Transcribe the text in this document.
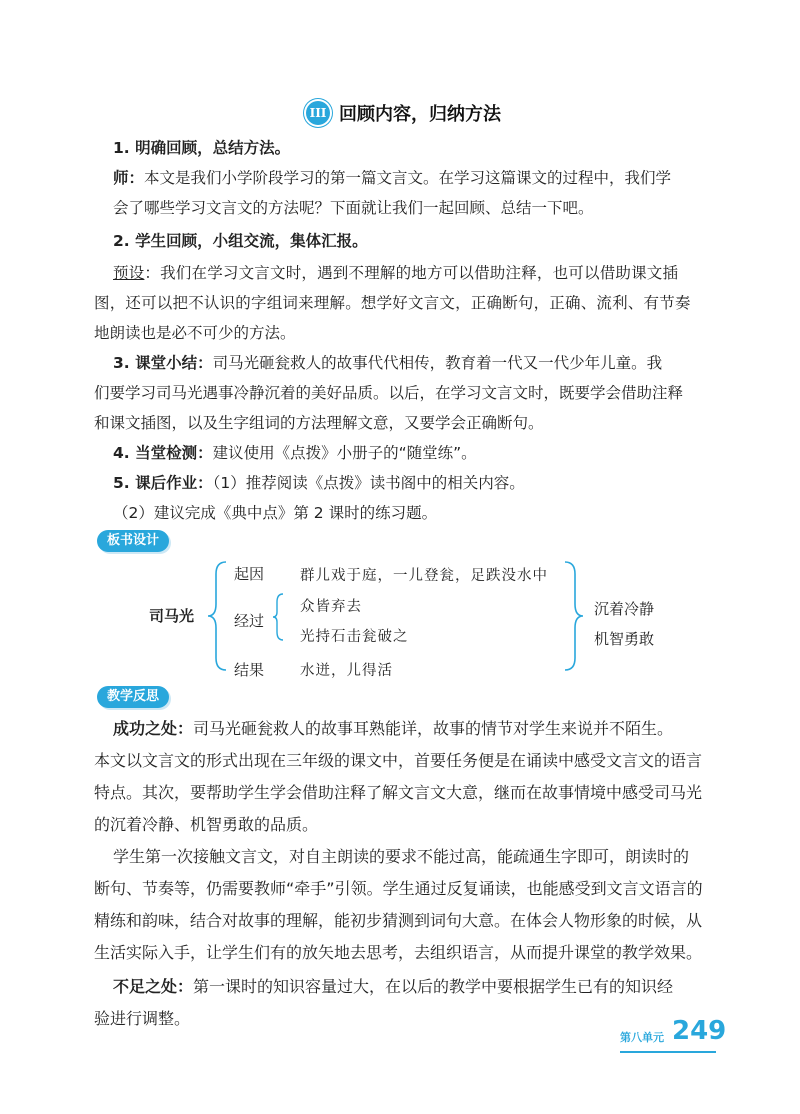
III 回顾内容，归纳方法
1. 明确回顾，总结方法。
师：本文是我们小学阶段学习的第一篇文言文。在学习这篇课文的过程中，我们学
会了哪些学习文言文的方法呢？下面就让我们一起回顾、总结一下吧。
2. 学生回顾，小组交流，集体汇报。
预设：我们在学习文言文时，遇到不理解的地方可以借助注释，也可以借助课文插
图，还可以把不认识的字组词来理解。想学好文言文，正确断句，正确、流利、有节奏
地朗读也是必不可少的方法。
3. 课堂小结：司马光砸瓮救人的故事代代相传，教育着一代又一代少年儿童。我
们要学习司马光遇事冷静沉着的美好品质。以后，在学习文言文时，既要学会借助注释
和课文插图，以及生字组词的方法理解文意，又要学会正确断句。
4. 当堂检测：建议使用《点拨》小册子的“随堂练”。
5. 课后作业：（1）推荐阅读《点拨》读书阁中的相关内容。
（2）建议完成《典中点》第 2 课时的练习题。
板书设计
司马光
起因 群儿戏于庭，一儿登瓮，足跌没水中
经过
众皆弃去
光持石击瓮破之
结果 水迸，儿得活
沉着冷静
机智勇敢
教学反思
成功之处：司马光砸瓮救人的故事耳熟能详，故事的情节对学生来说并不陌生。
本文以文言文的形式出现在三年级的课文中，首要任务便是在诵读中感受文言文的语言
特点。其次，要帮助学生学会借助注释了解文言文大意，继而在故事情境中感受司马光
的沉着冷静、机智勇敢的品质。
学生第一次接触文言文，对自主朗读的要求不能过高，能疏通生字即可，朗读时的
断句、节奏等，仍需要教师“牵手”引领。学生通过反复诵读，也能感受到文言文语言的
精练和韵味，结合对故事的理解，能初步猜测到词句大意。在体会人物形象的时候，从
生活实际入手，让学生们有的放矢地去思考，去组织语言，从而提升课堂的教学效果。
不足之处：第一课时的知识容量过大，在以后的教学中要根据学生已有的知识经
验进行调整。
第八单元 249
